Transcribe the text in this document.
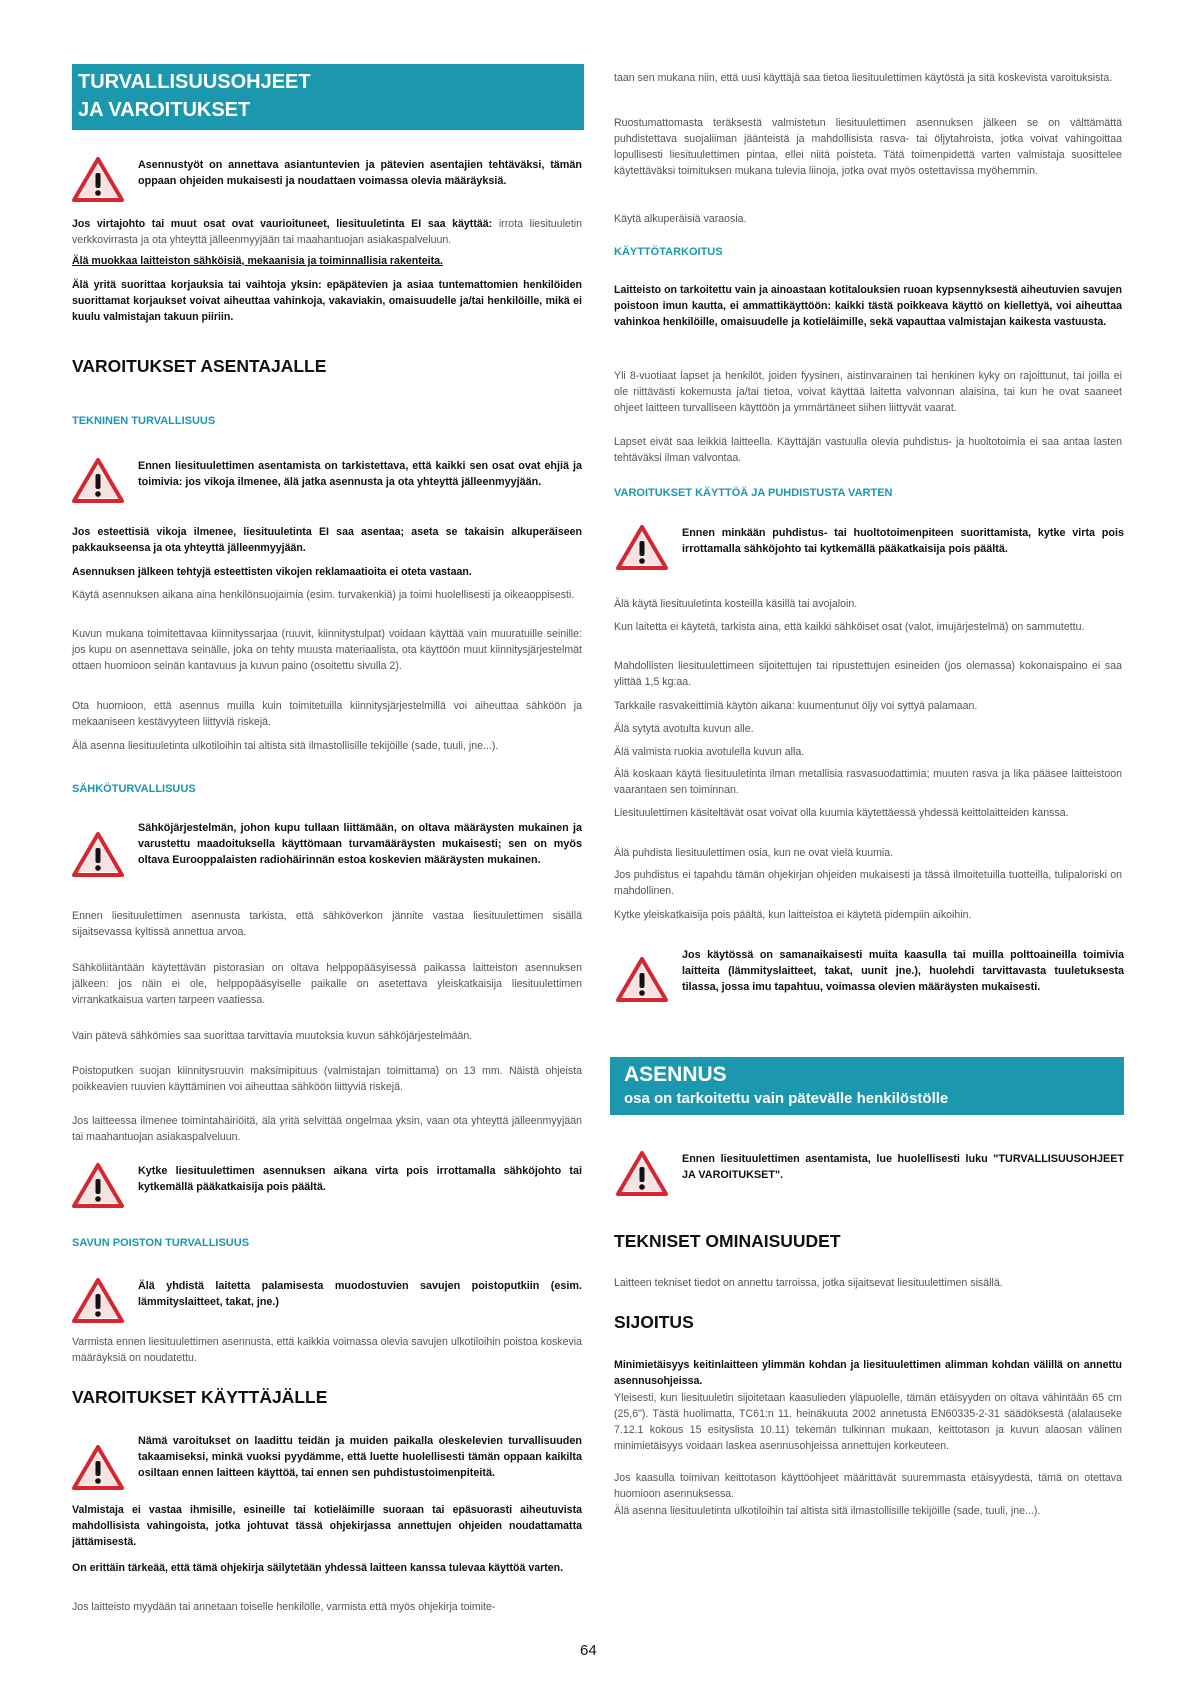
TURVALLISUUSOHJEET
JA VAROITUKSET
Asennustyöt on annettava asiantuntevien ja pätevien asentajien tehtäväksi, tämän oppaan ohjeiden mukaisesti ja noudattaen voimassa olevia määräyksiä.

Jos virtajohto tai muut osat ovat vaurioituneet, liesituuletinta EI saa käyttää: irrota liesituuletin verkkovirrasta ja ota yhteyttä jälleenmyyjään tai maahantuojan asiakaspalveluun.

Älä muokkaa laitteiston sähköisiä, mekaanisia ja toiminnallisia rakenteita.

Älä yritä suorittaa korjauksia tai vaihtoja yksin: epäpätevien ja asiaa tuntemattomien henkilöiden suorittamat korjaukset voivat aiheuttaa vahinkoja, vakaviakin, omaisuudelle ja/tai henkilöille, mikä ei kuulu valmistajan takuun piiriin.

VAROITUKSET ASENTAJALLE
TEKNINEN TURVALLISUUS
Ennen liesituulettimen asentamista on tarkistettava, että kaikki sen osat ovat ehjiä ja toimivia: jos vikoja ilmenee, älä jatka asennusta ja ota yhteyttä jälleenmyyjään.

Jos esteettisiä vikoja ilmenee, liesituuletinta EI saa asentaa; aseta se takaisin alkuperäiseen pakkaukseensa ja ota yhteyttä jälleenmyyjään.

Asennuksen jälkeen tehtyjä esteettisten vikojen reklamaatioita ei oteta vastaan.

Käytä asennuksen aikana aina henkilönsuojaimia (esim. turvakenkiä) ja toimi huolellisesti ja oikeaoppisesti.

Kuvun mukana toimitettavaa kiinnityssarjaa (ruuvit, kiinnitystulpat) voidaan käyttää vain muuratuille seinille: jos kupu on asennettava seinälle, joka on tehty muusta materiaalista, ota käyttöön muut kiinnitysjärjestelmät ottaen huomioon seinän kantavuus ja kuvun paino (osoitettu sivulla 2).

Ota huomioon, että asennus muilla kuin toimitetuilla kiinnitysjärjestelmillä voi aiheuttaa sähköön ja mekaaniseen kestävyyteen liittyviä riskejä.

Älä asenna liesituuletinta ulkotiloihin tai altista sitä ilmastollisille tekijöille (sade, tuuli, jne...).

SÄHKÖTURVALLISUUS
Sähköjärjestelmän, johon kupu tullaan liittämään, on oltava määräysten mukainen ja varustettu maadoituksella käyttömaan turvamääräysten mukaisesti; sen on myös oltava Eurooppalaisten radiohäirinnän estoa koskevien määräysten mukainen.

Ennen liesituulettimen asennusta tarkista, että sähköverkon jännite vastaa liesituulettimen sisällä sijaitsevassa kyltissä annettua arvoa.

Sähköliitäntään käytettävän pistorasian on oltava helppopääsyisessä paikassa laitteiston asennuksen jälkeen: jos näin ei ole, helppopääsyiselle paikalle on asetettava yleiskatkaisija liesituulettimen virrankatkaisua varten tarpeen vaatiessa.

Vain pätevä sähkömies saa suorittaa tarvittavia muutoksia kuvun sähköjärjestelmään.

Poistoputken suojan kiinnitysruuvin maksimipituus (valmistajan toimittama) on 13 mm. Näistä ohjeista poikkeavien ruuvien käyttäminen voi aiheuttaa sähköön liittyviä riskejä.

Jos laitteessa ilmenee toimintahäiriöitä, älä yritä selvittää ongelmaa yksin, vaan ota yhteyttä jälleenmyyjään tai maahantuojan asiakaspalveluun.

Kytke liesituulettimen asennuksen aikana virta pois irrottamalla sähköjohto tai kytkemällä pääkatkaisija pois päältä.
SAVUN POISTON TURVALLISUUS
Älä yhdistä laitetta palamisesta muodostuvien savujen poistoputkiin (esim. lämmityslaitteet, takat, jne.)

Varmista ennen liesituulettimen asennusta, että kaikkia voimassa olevia savujen ulkotiloihin poistoa koskevia määräyksiä on noudatettu.

VAROITUKSET KÄYTTÄJÄLLE
Nämä varoitukset on laadittu teidän ja muiden paikalla oleskelevien turvallisuuden takaamiseksi, minkä vuoksi pyydämme, että luette huolellisesti tämän oppaan kaikilta osiltaan ennen laitteen käyttöä, tai ennen sen puhdistustoimenpiteitä.

Valmistaja ei vastaa ihmisille, esineille tai kotieläimille suoraan tai epäsuorasti aiheutuvista mahdollisista vahingoista, jotka johtuvat tässä ohjekirjassa annettujen ohjeiden noudattamatta jättämisestä.

On erittäin tärkeää, että tämä ohjekirja säilytetään yhdessä laitteen kanssa tulevaa käyttöä varten.

Jos laitteisto myydään tai annetaan toiselle henkilölle, varmista että myös ohjekirja toimite-

taan sen mukana niin, että uusi käyttäjä saa tietoa liesituulettimen käytöstä ja sitä koskevista varoituksista.

Ruostumattomasta teräksestä valmistetun liesituulettimen asennuksen jälkeen se on välttämättä puhdistettava suojaliiman jäänteistä ja mahdollisista rasva- tai öljytahroista, jotka voivat vahingoittaa lopullisesti liesituulettimen pintaa, ellei niitä poisteta. Tätä toimenpidettä varten valmistaja suosittelee käytettäväksi toimituksen mukana tulevia liinoja, jotka ovat myös ostettavissa myöhemmin.

Käytä alkuperäisiä varaosia.

KÄYTTÖTARKOITUS

Laitteisto on tarkoitettu vain ja ainoastaan kotitalouksien ruoan kypsennyksestä aiheutuvien savujen poistoon imun kautta, ei ammattikäyttöön: kaikki tästä poikkeava käyttö on kiellettyä, voi aiheuttaa vahinkoa henkilöille, omaisuudelle ja kotieläimille, sekä vapauttaa valmistajan kaikesta vastuusta.

Yli 8-vuotiaat lapset ja henkilöt, joiden fyysinen, aistinvarainen tai henkinen kyky on rajoittunut, tai joilla ei ole riittävästi kokemusta ja/tai tietoa, voivat käyttää laitetta valvonnan alaisina, tai kun he ovat saaneet ohjeet laitteen turvalliseen käyttöön ja ymmärtäneet siihen liittyvät vaarat.

Lapset eivät saa leikkiä laitteella. Käyttäjän vastuulla olevia puhdistus- ja huoltotoimia ei saa antaa lasten tehtäväksi ilman valvontaa.

VAROITUKSET KÄYTTÖÄ JA PUHDISTUSTA VARTEN
Ennen minkään puhdistus- tai huoltotoimenpiteen suorittamista, kytke virta pois irrottamalla sähköjohto tai kytkemällä pääkatkaisija pois päältä.

Älä käytä liesituuletinta kosteilla käsillä tai avojaloin.

Kun laitetta ei käytetä, tarkista aina, että kaikki sähköiset osat (valot, imujärjestelmä) on sammutettu.

Mahdollisten liesituulettimeen sijoitettujen tai ripustettujen esineiden (jos olemassa) kokonaispaino ei saa ylittää 1,5 kg:aa.

Tarkkaile rasvakeittimiä käytön aikana: kuumentunut öljy voi syttyä palamaan.

Älä sytytä avotulta kuvun alle.

Älä valmista ruokia avotulella kuvun alla.

Älä koskaan käytä liesituuletinta ilman metallisia rasvasuodattimia; muuten rasva ja lika pääsee laitteistoon vaarantaen sen toiminnan.

Liesituulettimen käsiteltävät osat voivat olla kuumia käytettäessä yhdessä keittolaitteiden kanssa.

Älä puhdista liesituulettimen osia, kun ne ovat vielä kuumia.

Jos puhdistus ei tapahdu tämän ohjekirjan ohjeiden mukaisesti ja tässä ilmoitetuilla tuotteilla, tulipaloriski on mahdollinen.

Kytke yleiskatkaisija pois päältä, kun laitteistoa ei käytetä pidempiin aikoihin.

Jos käytössä on samanaikaisesti muita kaasulla tai muilla polttoaineilla toimivia laitteita (lämmityslaitteet, takat, uunit jne.), huolehdi tarvittavasta tuuletuksesta tilassa, jossa imu tapahtuu, voimassa olevien määräysten mukaisesti.
ASENNUS
osa on tarkoitettu vain pätevälle henkilöstölle
Ennen liesituulettimen asentamista, lue huolellisesti luku "TURVALLISUUSOHJEET JA VAROITUKSET".
TEKNISET OMINAISUUDET

Laitteen tekniset tiedot on annettu tarroissa, jotka sijaitsevat liesituulettimen sisällä.

SIJOITUS

Minimietäisyys keitinlaitteen ylimmän kohdan ja liesituulettimen alimman kohdan välillä on annettu asennusohjeissa.

Yleisesti, kun liesituuletin sijoitetaan kaasulieden yläpuolelle, tämän etäisyyden on oltava vähintään 65 cm (25,6"). Tästä huolimatta, TC61:n 11. heinäkuuta 2002 annetusta EN60335-2-31 säädöksestä (alalauseke 7.12.1 kokous 15 esityslista 10.11) tekemän tulkinnan mukaan, keittotason ja kuvun alaosan välinen minimietäisyys voidaan laskea asennusohjeissa annettujen korkeuteen.

Jos kaasulla toimivan keittotason käyttöohjeet määrittävät suuremmasta etäisyydestä, tämä on otettava huomioon asennuksessa.

Älä asenna liesituuletinta ulkotiloihin tai altista sitä ilmastollisille tekijöille (sade, tuuli, jne...).

64
